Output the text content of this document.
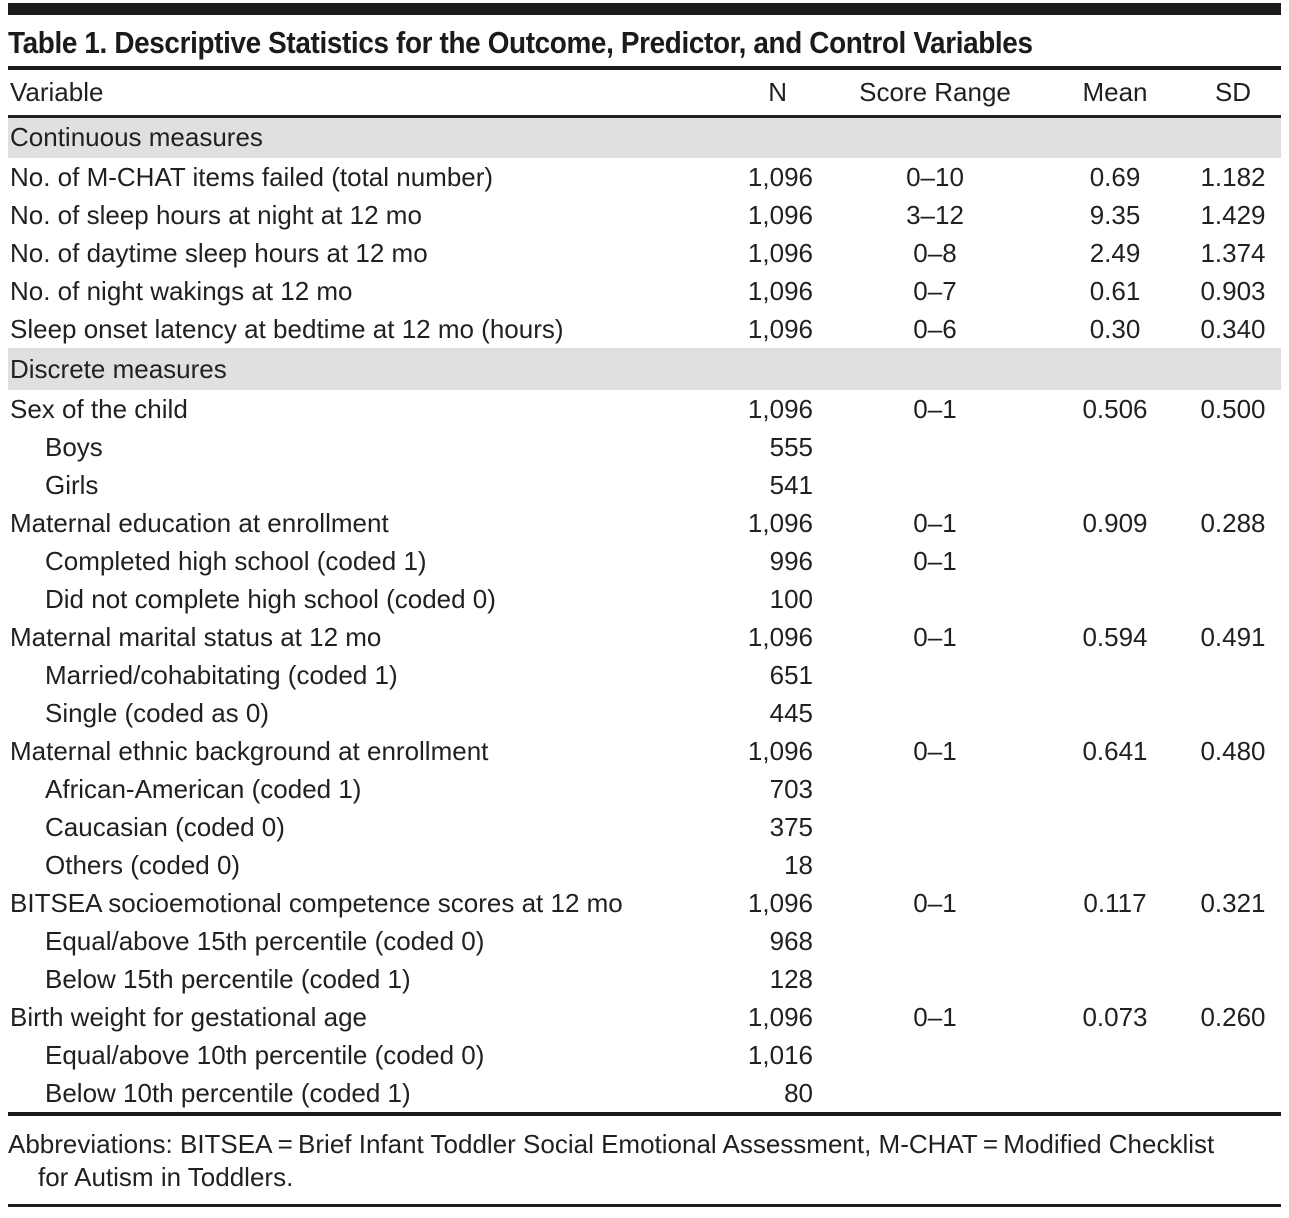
Table 1. Descriptive Statistics for the Outcome, Predictor, and Control Variables
Variable	N	Score Range	Mean	SD
Continuous measures				
No. of M-CHAT items failed (total number)	1,096	0–10	0.69	1.182
No. of sleep hours at night at 12 mo	1,096	3–12	9.35	1.429
No. of daytime sleep hours at 12 mo	1,096	0–8	2.49	1.374
No. of night wakings at 12 mo	1,096	0–7	0.61	0.903
Sleep onset latency at bedtime at 12 mo (hours)	1,096	0–6	0.30	0.340
Discrete measures				
Sex of the child	1,096	0–1	0.506	0.500
Boys	555			
Girls	541			
Maternal education at enrollment	1,096	0–1	0.909	0.288
Completed high school (coded 1)	996	0–1		
Did not complete high school (coded 0)	100			
Maternal marital status at 12 mo	1,096	0–1	0.594	0.491
Married/cohabitating (coded 1)	651			
Single (coded as 0)	445			
Maternal ethnic background at enrollment	1,096	0–1	0.641	0.480
African-American (coded 1)	703			
Caucasian (coded 0)	375			
Others (coded 0)	18			
BITSEA socioemotional competence scores at 12 mo	1,096	0–1	0.117	0.321
Equal/above 15th percentile (coded 0)	968			
Below 15th percentile (coded 1)	128			
Birth weight for gestational age	1,096	0–1	0.073	0.260
Equal/above 10th percentile (coded 0)	1,016			
Below 10th percentile (coded 1)	80			
Abbreviations: BITSEA = Brief Infant Toddler Social Emotional Assessment, M-CHAT = Modified Checklist for Autism in Toddlers.
